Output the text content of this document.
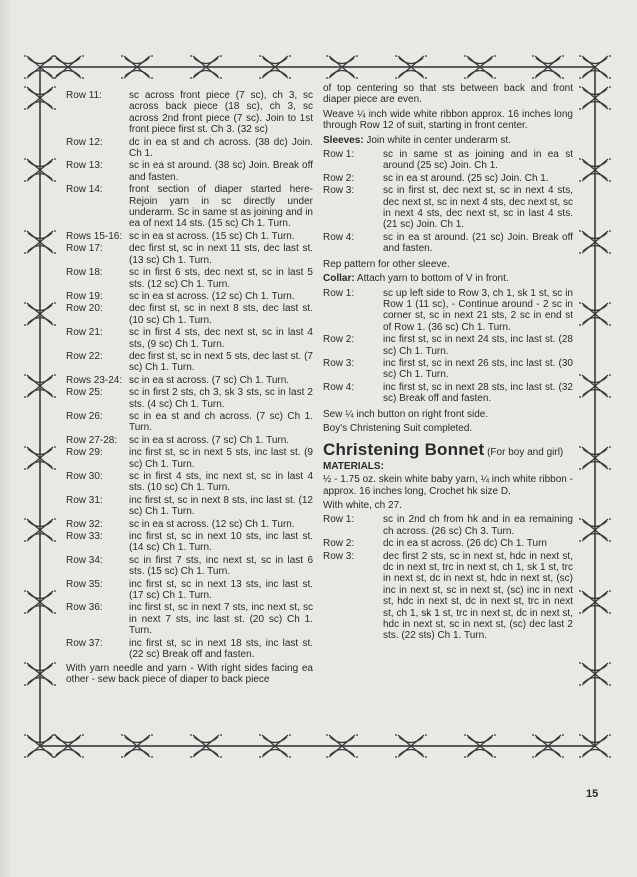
Row 11:	sc across front piece (7 sc), ch 3, sc across back piece (18 sc), ch 3, sc across 2nd front piece (7 sc). Join to 1st front piece first st. Ch 3. (32 sc)
Row 12:	dc in ea st and ch across. (38 dc) Join. Ch 1.
Row 13:	sc in ea st around. (38 sc) Join. Break off and fasten.
Row 14:	front section of diaper started here- Rejoin yarn in sc directly under underarm. Sc in same st as joining and in ea of next 14 sts. (15 sc) Ch 1. Turn.
Rows 15-16: sc in ea st across. (15 sc) Ch 1. Turn.
Row 17:	dec first st, sc in next 11 sts, dec last st. (13 sc) Ch 1. Turn.
Row 18:	sc in first 6 sts, dec next st, sc in last 5 sts. (12 sc) Ch 1. Turn.
Row 19:	sc in ea st across. (12 sc) Ch 1. Turn.
Row 20:	dec first st, sc in next 8 sts, dec last st. (10 sc) Ch 1. Turn.
Row 21:	sc in first 4 sts, dec next st, sc in last 4 sts, (9 sc) Ch 1. Turn.
Row 22:	dec first st, sc in next 5 sts, dec last st. (7 sc) Ch 1. Turn.
Rows 23-24: sc in ea st across. (7 sc) Ch 1. Turn.
Row 25:	sc in first 2 sts, ch 3, sk 3 sts, sc in last 2 sts. (4 sc) Ch 1. Turn.
Row 26:	sc in ea st and ch across. (7 sc) Ch 1. Turn.
Row 27-28:	sc in ea st across. (7 sc) Ch 1. Turn.
Row 29:	inc first st, sc in next 5 sts, inc last st. (9 sc) Ch 1. Turn.
Row 30:	sc in first 4 sts, inc next st, sc in last 4 sts. (10 sc) Ch 1. Turn.
Row 31:	inc first st, sc in next 8 sts, inc last st. (12 sc) Ch 1. Turn.
Row 32:	sc in ea st across. (12 sc) Ch 1. Turn.
Row 33:	inc first st, sc in next 10 sts, inc last st. (14 sc) Ch 1. Turn.
Row 34:	sc in first 7 sts, inc next st, sc in last 6 sts. (15 sc) Ch 1. Turn.
Row 35:	inc first st, sc in next 13 sts, inc last st. (17 sc) Ch 1. Turn.
Row 36:	inc first st, sc in next 7 sts, inc next st, sc in next 7 sts, inc last st. (20 sc) Ch 1. Turn.
Row 37:	inc first st, sc in next 18 sts, inc last st. (22 sc) Break off and fasten.

With yarn needle and yarn - With right sides facing ea other - sew back piece of diaper to back piece

of top centering so that sts between back and front diaper piece are even.

Weave ¼ inch wide white ribbon approx. 16 inches long through Row 12 of suit, starting in front center.

Sleeves: Join white in center underarm st.

Row 1:	sc in same st as joining and in ea st around (25 sc) Join. Ch 1.
Row 2:	sc in ea st around. (25 sc) Join. Ch 1.
Row 3:	sc in first st, dec next st, sc in next 4 sts, dec next st, sc in next 4 sts, dec next st, sc in next 4 sts, dec next st, sc in last 4 sts. (21 sc) Join. Ch 1.
Row 4:	sc in ea st around. (21 sc) Join. Break off and fasten.

Rep pattern for other sleeve.

Collar: Attach yarn to bottom of V in front.

Row 1:	sc up left side to Row 3, ch 1, sk 1 st, sc in Row 1 (11 sc), - Continue around - 2 sc in corner st, sc in next 21 sts, 2 sc in end st of Row 1. (36 sc) Ch 1. Turn.
Row 2:	inc first st, sc in next 24 sts, inc last st. (28 sc) Ch 1. Turn.
Row 3:	inc first st, sc in next 26 sts, inc last st. (30 sc) Ch 1. Turn.
Row 4:	inc first st, sc in next 28 sts, inc last st. (32 sc) Break off and fasten.

Sew ¼ inch button on right front side.

Boy's Christening Suit completed.

Christening Bonnet (For boy and girl)
MATERIALS:

½ - 1.75 oz. skein white baby yarn, ¼ inch white ribbon - approx. 16 inches long, Crochet hk size D.

With white, ch 27.

Row 1:	sc in 2nd ch from hk and in ea remaining ch across. (26 sc) Ch 3. Turn.
Row 2:	dc in ea st across. (26 dc) Ch 1. Turn
Row 3:	dec first 2 sts, sc in next st, hdc in next st, dc in next st, trc in next st, ch 1, sk 1 st, trc in next st, dc in next st, hdc in next st, (sc) inc in next st, sc in next st, (sc) inc in next st, hdc in next st, dc in next st, trc in next st, ch 1, sk 1 st, trc in next st, dc in next st, hdc in next st, sc in next st, (sc) dec last 2 sts. (22 sts) Ch 1. Turn.
15
